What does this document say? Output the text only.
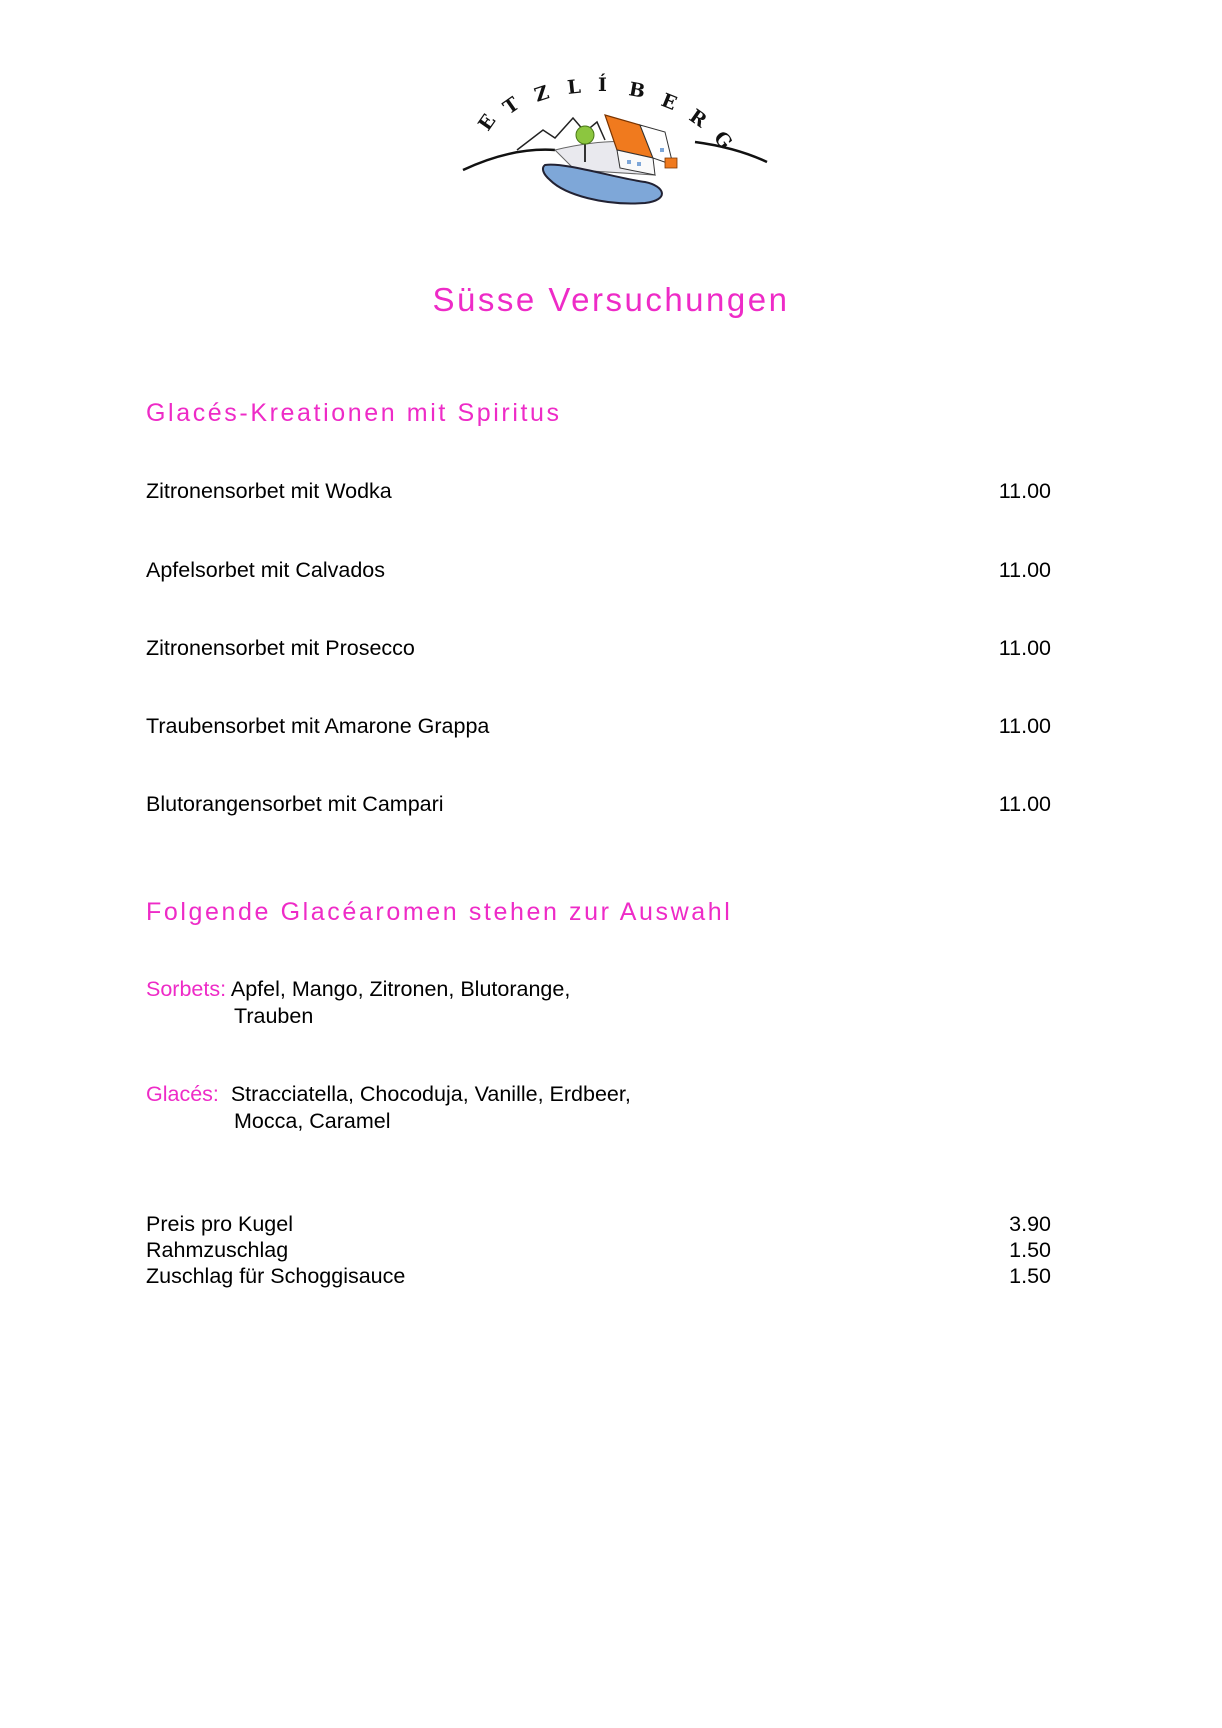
E
T Z L Í B E
R
G
Süsse Versuchungen
Glacés-Kreationen mit Spiritus
Zitronensorbet mit Wodka	11.00
Apfelsorbet mit Calvados	11.00
Zitronensorbet mit Prosecco	11.00
Traubensorbet mit Amarone Grappa	11.00
Blutorangensorbet mit Campari	11.00
Folgende Glacéaromen stehen zur Auswahl
Sorbets: Apfel, Mango, Zitronen, Blutorange,
Trauben
Glacés: Stracciatella, Chocoduja, Vanille, Erdbeer,
Mocca, Caramel
Preis pro Kugel	3.90
Rahmzuschlag	1.50
Zuschlag für Schoggisauce	1.50
